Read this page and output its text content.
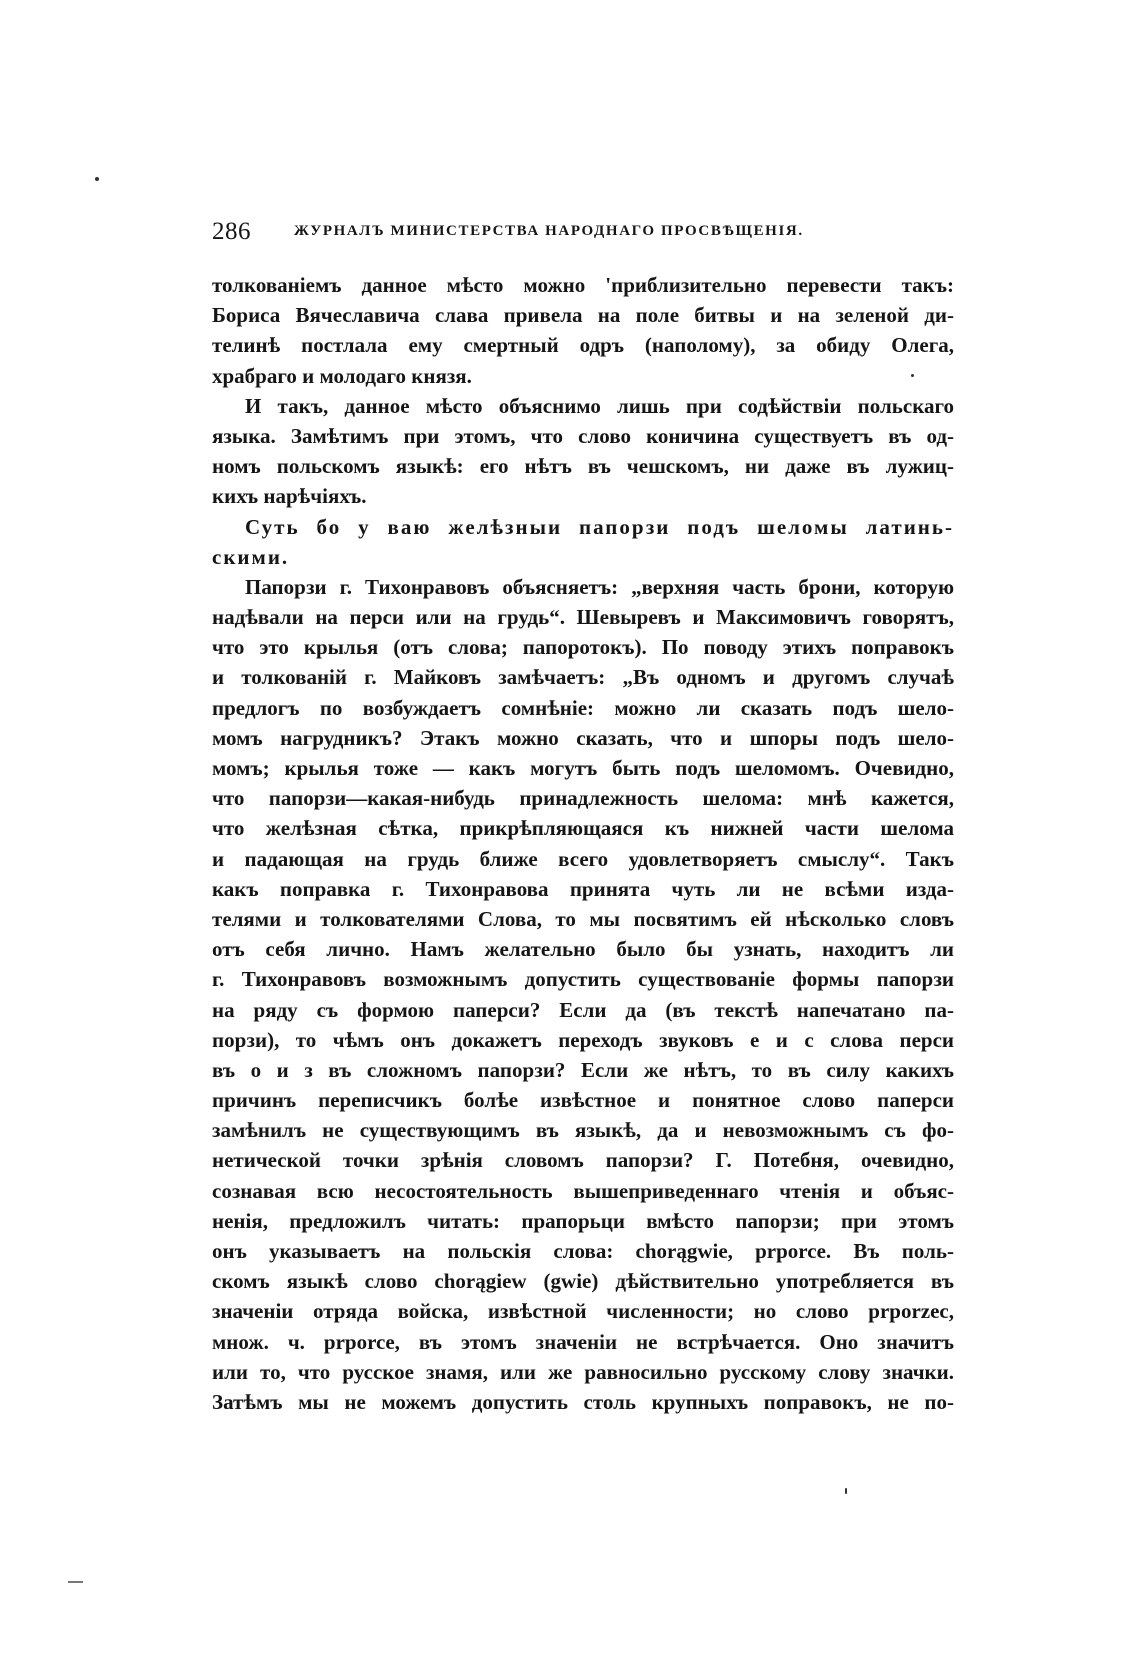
286	ЖУРНАЛЪ МИНИСТЕРСТВА НАРОДНАГО ПРОСВѢЩЕНІЯ.
толкованіемъ данное мѣсто можно 'приблизительно перевести такъ:
Бориса Вячеславича слава привела на поле битвы и на зеленой ди-
телинѣ постлала ему смертный одръ (наполому), за обиду Олега,
храбраго и молодаго князя.
И такъ, данное мѣсто объяснимо лишь при содѣйствіи польскаго
языка. Замѣтимъ при этомъ, что слово коничина существуетъ въ од-
номъ польскомъ языкѣ: его нѣтъ въ чешскомъ, ни даже въ лужиц-
кихъ нарѣчіяхъ.
Суть бо у ваю желѣзныи папорзи подъ шеломы латинь-
скими.
Папорзи г. Тихонравовъ объясняетъ: „верхняя часть брони, которую
надѣвали на перси или на грудь“. Шевыревъ и Максимовичъ говорятъ,
что это крылья (отъ слова; папоротокъ). По поводу этихъ поправокъ
и толкованій г. Майковъ замѣчаетъ: „Въ одномъ и другомъ случаѣ
предлогъ по возбуждаетъ сомнѣніе: можно ли сказать подъ шело-
момъ нагрудникъ? Этакъ можно сказать, что и шпоры подъ шело-
момъ; крылья тоже — какъ могутъ быть подъ шеломомъ. Очевидно,
что папорзи—какая-нибудь принадлежность шелома: мнѣ кажется,
что желѣзная сѣтка, прикрѣпляющаяся къ нижней части шелома
и падающая на грудь ближе всего удовлетворяетъ смыслу“. Такъ
какъ поправка г. Тихонравова принята чуть ли не всѣми изда-
телями и толкователями Слова, то мы посвятимъ ей нѣсколько словъ
отъ себя лично. Намъ желательно было бы узнать, находитъ ли
г. Тихонравовъ возможнымъ допустить существованіе формы папорзи
на ряду съ формою паперси? Если да (въ текстѣ напечатано па-
порзи), то чѣмъ онъ докажетъ переходъ звуковъ е и с слова перси
въ о и з въ сложномъ папорзи? Если же нѣтъ, то въ силу какихъ
причинъ переписчикъ болѣе извѣстное и понятное слово паперси
замѣнилъ не существующимъ въ языкѣ, да и невозможнымъ съ фо-
нетической точки зрѣнія словомъ папорзи? Г. Потебня, очевидно,
сознавая всю несостоятельность вышеприведеннаго чтенія и объяс-
ненія, предложилъ читать: прапорьци вмѣсто папорзи; при этомъ
онъ указываетъ на польскія слова: chorągwie, prporce. Въ поль-
скомъ языкѣ слово chorągiew (gwie) дѣйствительно употребляется въ
значеніи отряда войска, извѣстной численности; но слово prporzec,
множ. ч. prporce, въ этомъ значеніи не встрѣчается. Оно значитъ
или то, что русское знамя, или же равносильно русскому слову значки.
Затѣмъ мы не можемъ допустить столь крупныхъ поправокъ, не по-
